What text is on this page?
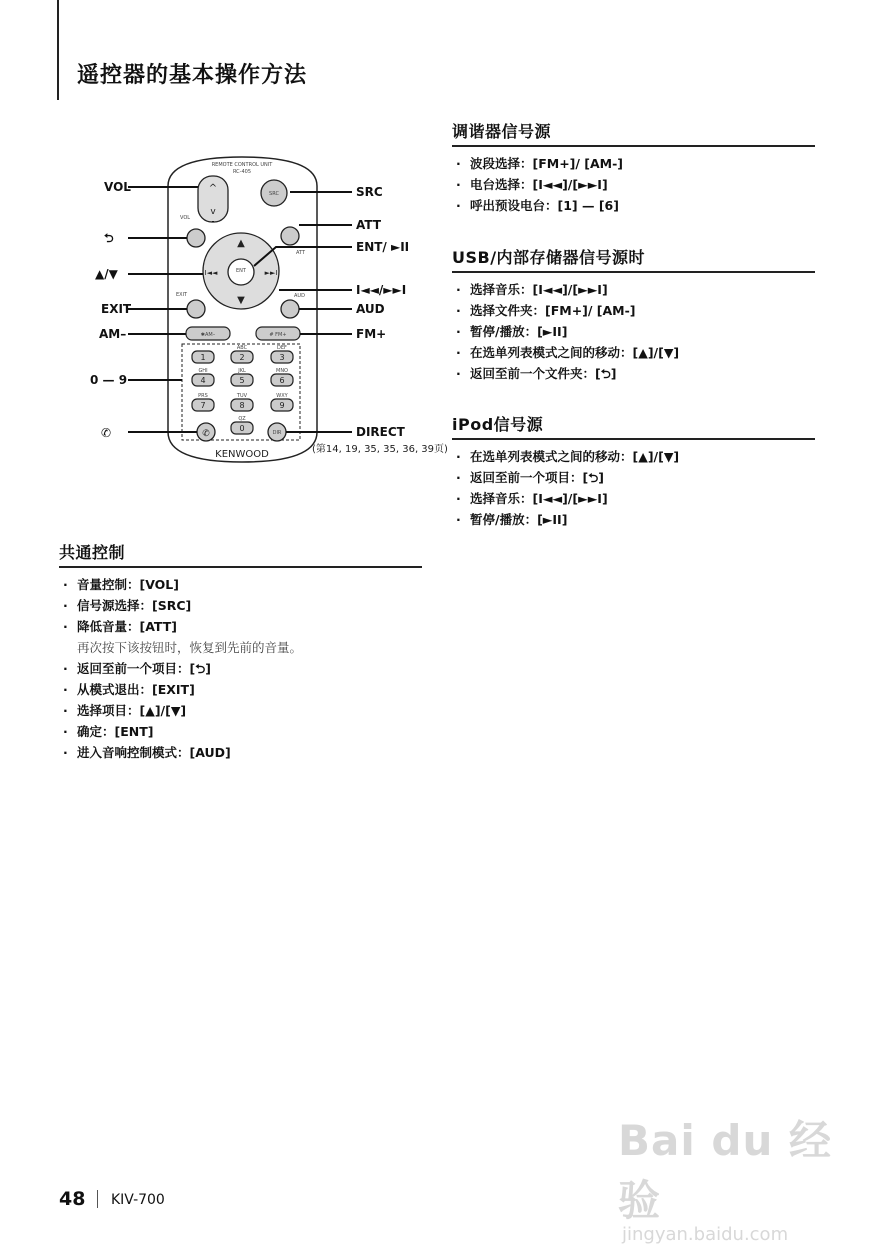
遥控器的基本操作方法
REMOTE CONTROL UNIT
RC-405
^
v
VOL
SRC
ATT
▲
▼
I◄◄	►►I
ENT
EXIT	AUD
✱AM–	# FM+
1
ABC
2
DEF
3
GHI
4
JKL
5
MNO
6
PRS
7
TUV
8
WXY
9
QZ
0
✆	DIR
KENWOOD
VOL
⮌
▲/▼
EXIT
AM–
0 — 9
✆
SRC
ATT
ENT/ ►II
I◄◄/►►I
AUD
FM+
DIRECT
(第14, 19, 35, 35, 36, 39页)
调谐器信号源
· 波段选择：[FM+]/ [AM-]
· 电台选择：[I◄◄]/[►►I]
· 呼出预设电台：[1] — [6]
USB/内部存储器信号源时
· 选择音乐：[I◄◄]/[►►I]
· 选择文件夹：[FM+]/ [AM-]
· 暂停/播放：[►II]
· 在选单列表模式之间的移动：[▲]/[▼]
· 返回至前一个文件夹：[⮌]
iPod信号源
· 在选单列表模式之间的移动：[▲]/[▼]
· 返回至前一个项目：[⮌]
· 选择音乐：[I◄◄]/[►►I]
· 暂停/播放：[►II]
共通控制
· 音量控制：[VOL]
· 信号源选择：[SRC]
· 降低音量：[ATT]
再次按下该按钮时，恢复到先前的音量。
· 返回至前一个项目：[⮌]
· 从模式退出：[EXIT]
· 选择项目：[▲]/[▼]
· 确定：[ENT]
· 进入音响控制模式：[AUD]
48 KIV-700
Bai du 经验
jingyan.baidu.com
